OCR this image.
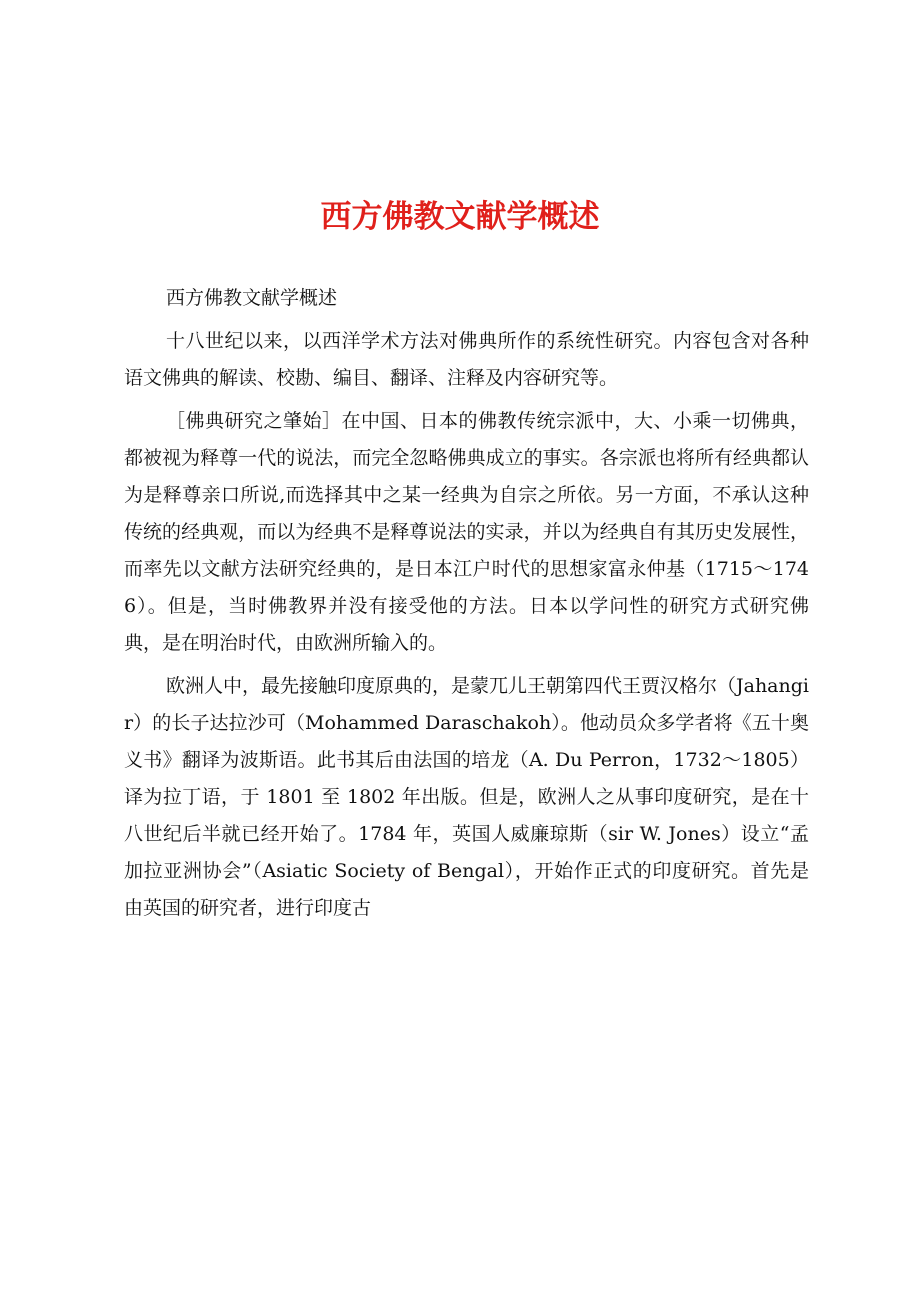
西方佛教文献学概述

西方佛教文献学概述

十八世纪以来，以西洋学术方法对佛典所作的系统性研究。内容包含对各种语文佛典的解读、校勘、编目、翻译、注释及内容研究等。

［佛典研究之肇始］在中国、日本的佛教传统宗派中，大、小乘一切佛典，都被视为释尊一代的说法，而完全忽略佛典成立的事实。各宗派也将所有经典都认为是释尊亲口所说,而选择其中之某一经典为自宗之所依。另一方面，不承认这种传统的经典观，而以为经典不是释尊说法的实录，并以为经典自有其历史发展性，而率先以文献方法研究经典的，是日本江户时代的思想家富永仲基（1715～1746）。但是，当时佛教界并没有接受他的方法。日本以学问性的研究方式研究佛典，是在明治时代，由欧洲所输入的。

欧洲人中，最先接触印度原典的，是蒙兀儿王朝第四代王贾汉格尔（Jahangir）的长子达拉沙可（Mohammed Daraschakoh）。他动员众多学者将《五十奥义书》翻译为波斯语。此书其后由法国的培龙（A. Du Perron，1732～1805）译为拉丁语，于 1801 至 1802 年出版。但是，欧洲人之从事印度研究，是在十八世纪后半就已经开始了。1784 年，英国人威廉琼斯（sir W. Jones）设立“孟加拉亚洲协会”（Asiatic Society of Bengal），开始作正式的印度研究。首先是由英国的研究者，进行印度古
